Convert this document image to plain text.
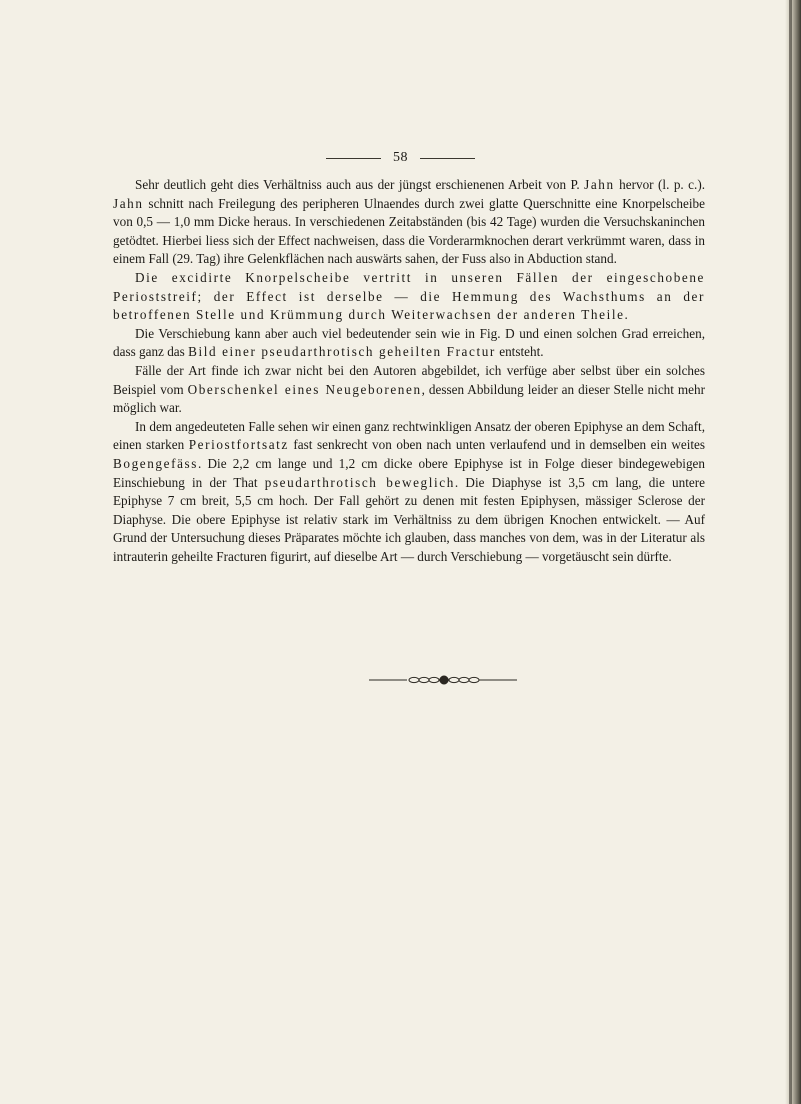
58

Sehr deutlich geht dies Verhältniss auch aus der jüngst erschienenen Arbeit von P. Jahn hervor (l. p. c.). Jahn schnitt nach Freilegung des peripheren Ulnaendes durch zwei glatte Querschnitte eine Knorpelscheibe von 0,5 — 1,0 mm Dicke heraus. In verschiedenen Zeitabständen (bis 42 Tage) wurden die Versuchskaninchen getödtet. Hierbei liess sich der Effect nachweisen, dass die Vorderarmknochen derart verkrümmt waren, dass in einem Fall (29. Tag) ihre Gelenkflächen nach auswärts sahen, der Fuss also in Abduction stand.

Die excidirte Knorpelscheibe vertritt in unseren Fällen der eingeschobene Perioststreif; der Effect ist derselbe — die Hemmung des Wachsthums an der betroffenen Stelle und Krümmung durch Weiterwachsen der anderen Theile.

Die Verschiebung kann aber auch viel bedeutender sein wie in Fig. D und einen solchen Grad erreichen, dass ganz das Bild einer pseudarthrotisch geheilten Fractur entsteht.

Fälle der Art finde ich zwar nicht bei den Autoren abgebildet, ich verfüge aber selbst über ein solches Beispiel vom Oberschenkel eines Neugeborenen, dessen Abbildung leider an dieser Stelle nicht mehr möglich war.

In dem angedeuteten Falle sehen wir einen ganz rechtwinkligen Ansatz der oberen Epiphyse an dem Schaft, einen starken Periostfortsatz fast senkrecht von oben nach unten verlaufend und in demselben ein weites Bogengefäss. Die 2,2 cm lange und 1,2 cm dicke obere Epiphyse ist in Folge dieser bindegewebigen Einschiebung in der That pseudarthrotisch beweglich. Die Diaphyse ist 3,5 cm lang, die untere Epiphyse 7 cm breit, 5,5 cm hoch. Der Fall gehört zu denen mit festen Epiphysen, mässiger Sclerose der Diaphyse. Die obere Epiphyse ist relativ stark im Verhältniss zu dem übrigen Knochen entwickelt. — Auf Grund der Untersuchung dieses Präparates möchte ich glauben, dass manches von dem, was in der Literatur als intrauterin geheilte Fracturen figurirt, auf dieselbe Art — durch Verschiebung — vorgetäuscht sein dürfte.
